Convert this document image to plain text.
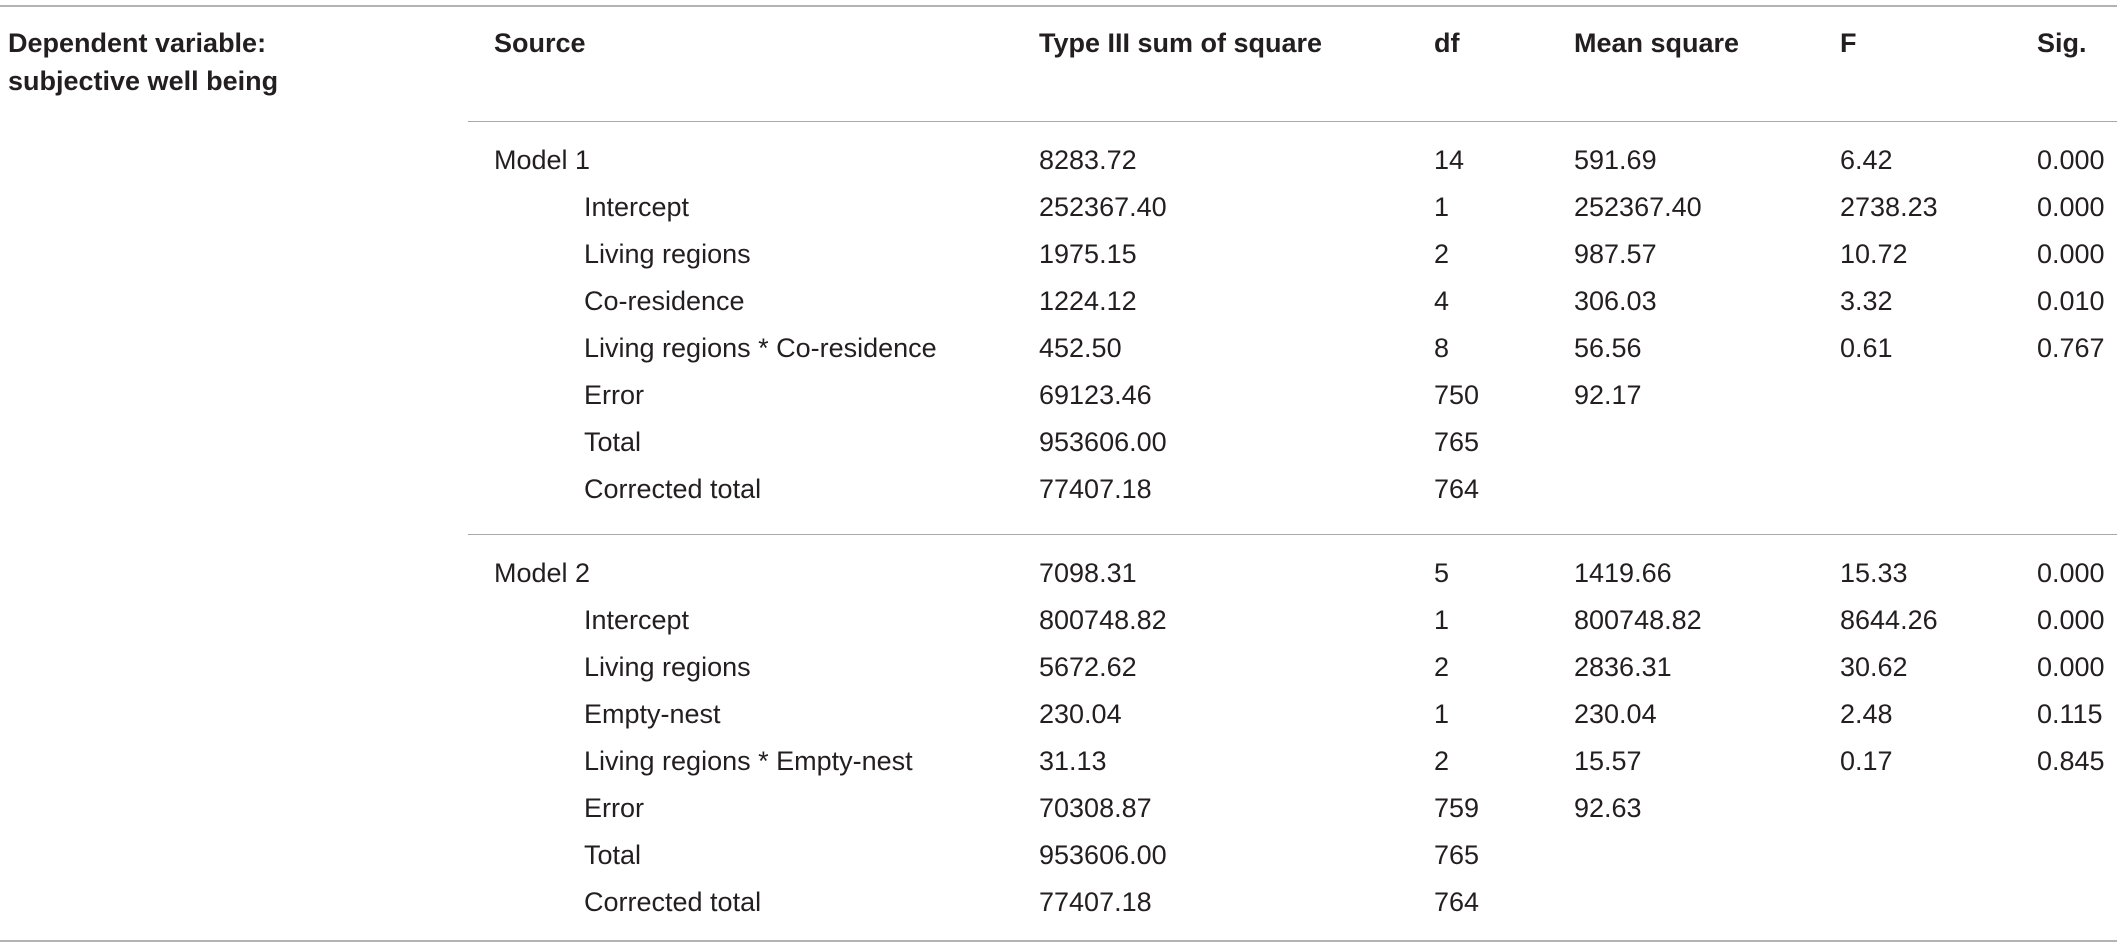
Dependent variable:
subjective well being
Source	Type III sum of square	df	Mean square	F	Sig.
Model 1	8283.72	14	591.69	6.42	0.000
Intercept	252367.40	1	252367.40	2738.23	0.000
Living regions	1975.15	2	987.57	10.72	0.000
Co-residence	1224.12	4	306.03	3.32	0.010
Living regions * Co-residence	452.50	8	56.56	0.61	0.767
Error	69123.46	750	92.17
Total	953606.00	765
Corrected total	77407.18	764
Model 2	7098.31	5	1419.66	15.33	0.000
Intercept	800748.82	1	800748.82	8644.26	0.000
Living regions	5672.62	2	2836.31	30.62	0.000
Empty-nest	230.04	1	230.04	2.48	0.115
Living regions * Empty-nest	31.13	2	15.57	0.17	0.845
Error	70308.87	759	92.63
Total	953606.00	765
Corrected total	77407.18	764
